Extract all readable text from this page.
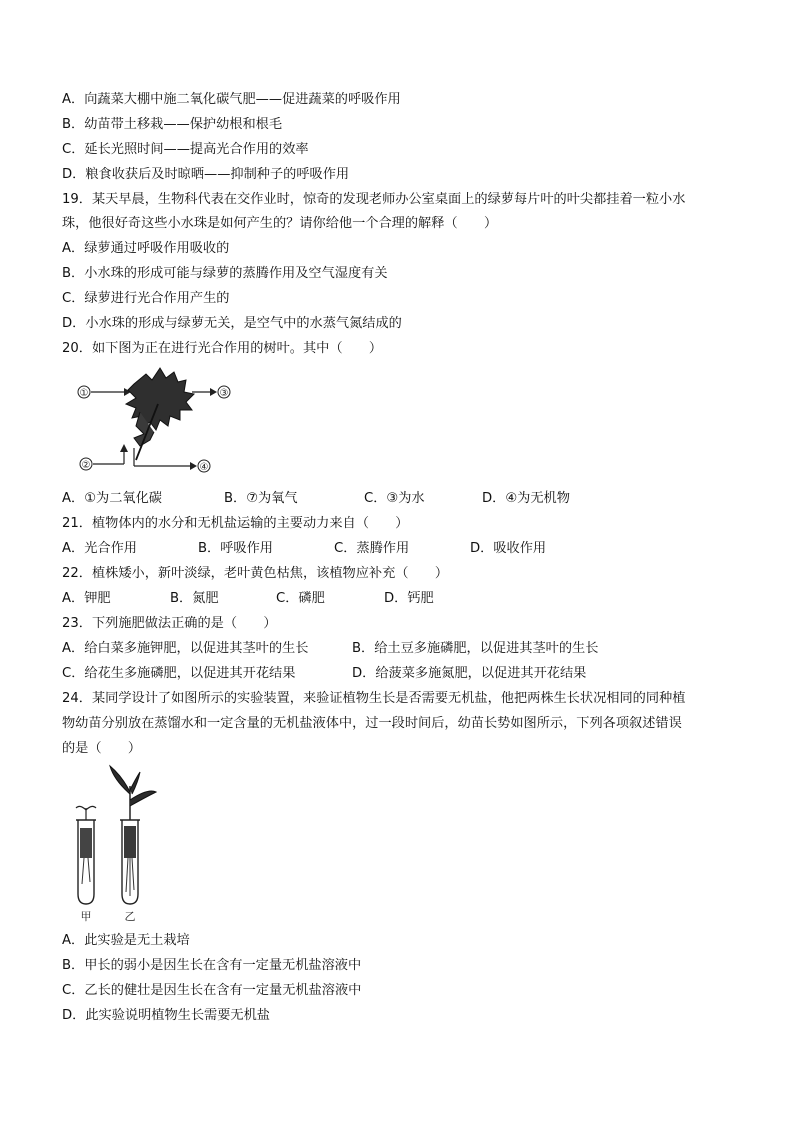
A．向蔬菜大棚中施二氧化碳气肥——促进蔬菜的呼吸作用
B．幼苗带土移栽——保护幼根和根毛
C．延长光照时间——提高光合作用的效率
D．粮食收获后及时晾晒——抑制种子的呼吸作用
19．某天早晨，生物科代表在交作业时，惊奇的发现老师办公室桌面上的绿萝每片叶的叶尖都挂着一粒小水
珠，他很好奇这些小水珠是如何产生的？请你给他一个合理的解释（　　）
A．绿萝通过呼吸作用吸收的
B．小水珠的形成可能与绿萝的蒸腾作用及空气湿度有关
C．绿萝进行光合作用产生的
D．小水珠的形成与绿萝无关，是空气中的水蒸气氮结成的
20．如下图为正在进行光合作用的树叶。其中（　　）
①	③
②	④
A．①为二氧化碳	B．⑦为氧气	C．③为水	D．④为无机物
21．植物体内的水分和无机盐运输的主要动力来自（　　）
A．光合作用	B．呼吸作用	C．蒸腾作用	D．吸收作用
22．植株矮小，新叶淡绿，老叶黄色枯焦，该植物应补充（　　）
A．钾肥	B．氮肥	C．磷肥	D．钙肥
23．下列施肥做法正确的是（　　）
A．给白菜多施钾肥，以促进其茎叶的生长	B．给土豆多施磷肥，以促进其茎叶的生长
C．给花生多施磷肥，以促进其开花结果	D．给菠菜多施氮肥，以促进其开花结果
24．某同学设计了如图所示的实验装置，来验证植物生长是否需要无机盐，他把两株生长状况相同的同种植
物幼苗分别放在蒸馏水和一定含量的无机盐液体中，过一段时间后，幼苗长势如图所示，下列各项叙述错误
的是（　　）
甲	乙
A．此实验是无土栽培
B．甲长的弱小是因生长在含有一定量无机盐溶液中
C．乙长的健壮是因生长在含有一定量无机盐溶液中
D．此实验说明植物生长需要无机盐
